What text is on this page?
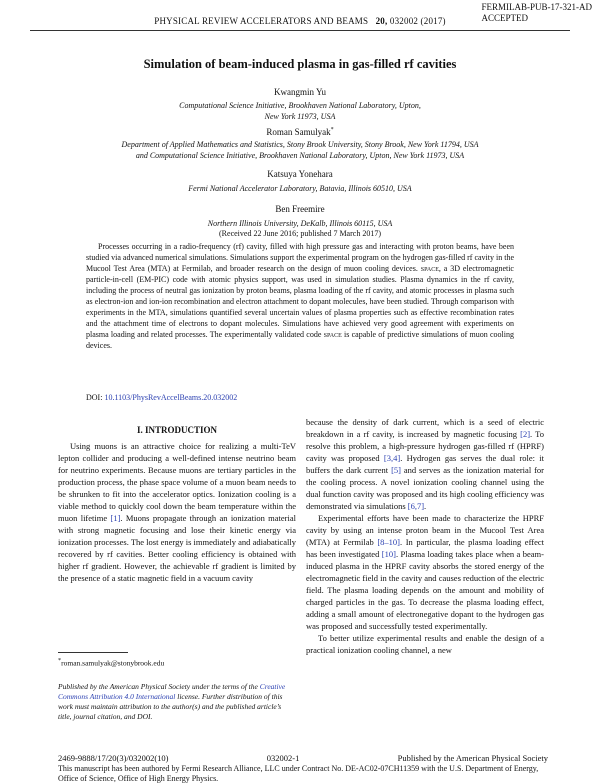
FERMILAB-PUB-17-321-AD
ACCEPTED
PHYSICAL REVIEW ACCELERATORS AND BEAMS 20, 032002 (2017)
Simulation of beam-induced plasma in gas-filled rf cavities
Kwangmin Yu
Computational Science Initiative, Brookhaven National Laboratory, Upton,
New York 11973, USA
Roman Samulyak*
Department of Applied Mathematics and Statistics, Stony Brook University, Stony Brook, New York 11794, USA
and Computational Science Initiative, Brookhaven National Laboratory, Upton, New York 11973, USA
Katsuya Yonehara
Fermi National Accelerator Laboratory, Batavia, Illinois 60510, USA
Ben Freemire
Northern Illinois University, DeKalb, Illinois 60115, USA
(Received 22 June 2016; published 7 March 2017)
Processes occurring in a radio-frequency (rf) cavity, filled with high pressure gas and interacting with proton beams, have been studied via advanced numerical simulations. Simulations support the experimental program on the hydrogen gas-filled rf cavity in the Mucool Test Area (MTA) at Fermilab, and broader research on the design of muon cooling devices. space, a 3D electromagnetic particle-in-cell (EM-PIC) code with atomic physics support, was used in simulation studies. Plasma dynamics in the rf cavity, including the process of neutral gas ionization by proton beams, plasma loading of the rf cavity, and atomic processes in plasma such as electron-ion and ion-ion recombination and electron attachment to dopant molecules, have been studied. Through comparison with experiments in the MTA, simulations quantified several uncertain values of plasma properties such as effective recombination rates and the attachment time of electrons to dopant molecules. Simulations have achieved very good agreement with experiments on plasma loading and related processes. The experimentally validated code space is capable of predictive simulations of muon cooling devices.
DOI: 10.1103/PhysRevAccelBeams.20.032002
I. INTRODUCTION

Using muons is an attractive choice for realizing a multi-TeV lepton collider and producing a well-defined intense neutrino beam for neutrino experiments. Because muons are tertiary particles in the production process, the phase space volume of a muon beam needs to be shrunken to fit into the accelerator optics. Ionization cooling is a viable method to quickly cool down the beam temperature within the muon lifetime [1]. Muons propagate through an ionization material with strong magnetic focusing and lose their kinetic energy via ionization processes. The lost energy is immediately and adiabatically recovered by rf cavities. Better cooling efficiency is obtained with higher rf gradient. However, the achievable rf gradient is limited by the presence of a static magnetic field in a vacuum cavity

because the density of dark current, which is a seed of electric breakdown in a rf cavity, is increased by magnetic focusing [2]. To resolve this problem, a high-pressure hydrogen gas-filled rf (HPRF) cavity was proposed [3,4]. Hydrogen gas serves the dual role: it buffers the dark current [5] and serves as the ionization material for the cooling process. A novel ionization cooling channel using the dual function cavity was proposed and its high cooling efficiency was demonstrated via simulations [6,7].

Experimental efforts have been made to characterize the HPRF cavity by using an intense proton beam in the Mucool Test Area (MTA) at Fermilab [8–10]. In particular, the plasma loading effect has been investigated [10]. Plasma loading takes place when a beam-induced plasma in the HPRF cavity absorbs the stored energy of the electromagnetic field in the cavity and causes reduction of the electric field. The plasma loading depends on the amount and mobility of charged particles in the gas. To decrease the plasma loading effect, adding a small amount of electronegative dopant to the hydrogen gas was proposed and successfully tested experimentally.

To better utilize experimental results and enable the design of a practical ionization cooling channel, a new

*roman.samulyak@stonybrook.edu
Published by the American Physical Society under the terms of the Creative Commons Attribution 4.0 International license. Further distribution of this work must maintain attribution to the author(s) and the published article’s title, journal citation, and DOI.
2469-9888/17/20(3)/032002(10)	032002-1	Published by the American Physical Society
This manuscript has been authored by Fermi Research Alliance, LLC under Contract No. DE-AC02-07CH11359 with the U.S. Department of Energy, Office of Science, Office of High Energy Physics.
